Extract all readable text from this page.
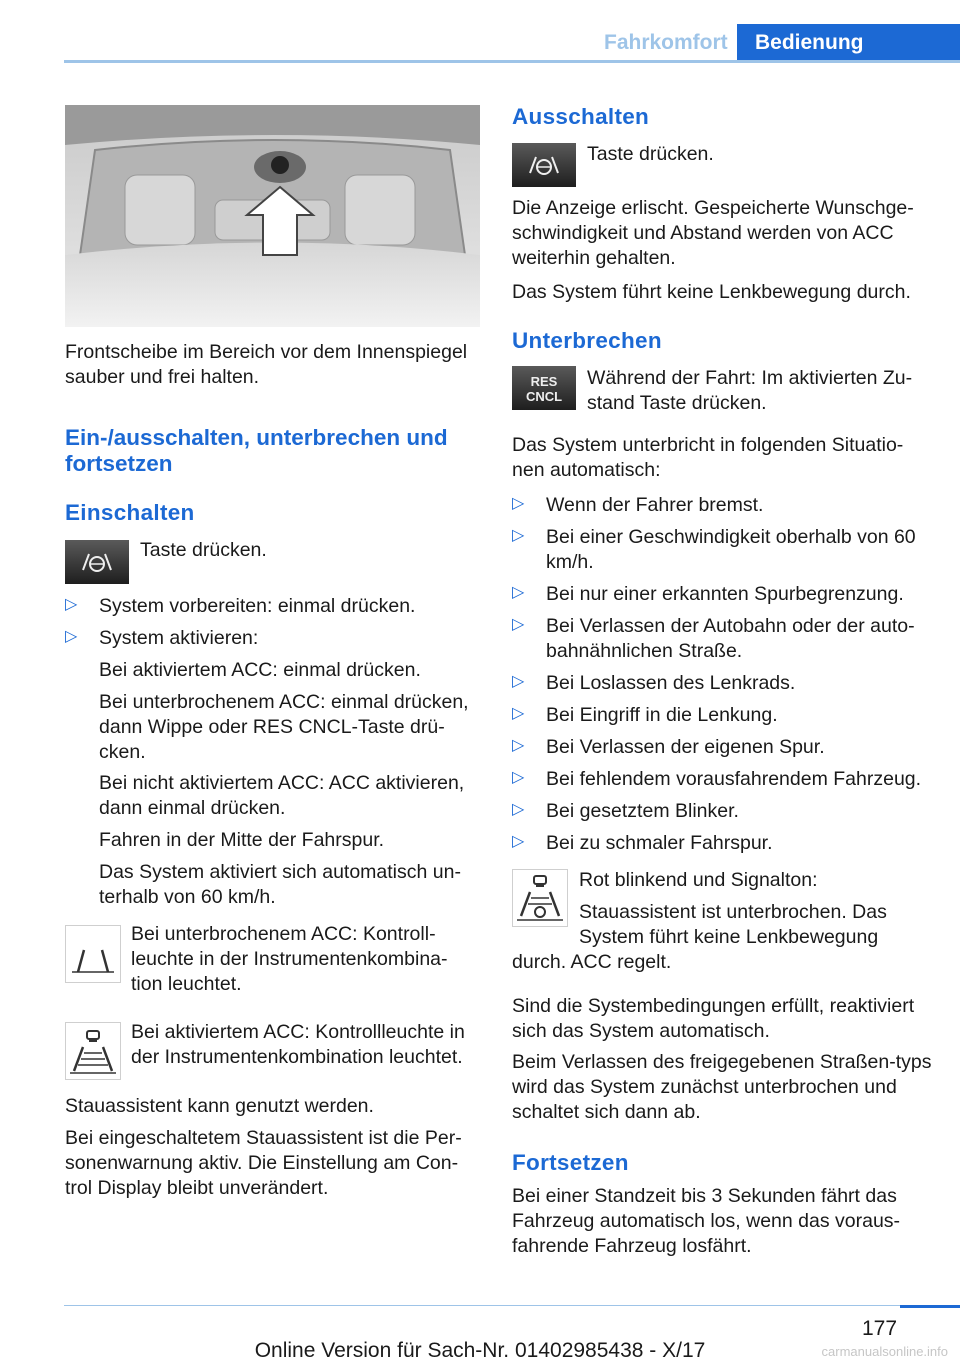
Fahrkomfort	Bedienung

Frontscheibe im Bereich vor dem Innenspiegel sauber und frei halten.

Ein-/ausschalten, unterbrechen und fortsetzen
Einschalten
Taste drücken.
▷ System vorbereiten: einmal drücken.
▷ System aktivieren:
Bei aktiviertem ACC: einmal drücken.
Bei unterbrochenem ACC: einmal drücken, dann Wippe oder RES CNCL-Taste drü-cken.
Bei nicht aktiviertem ACC: ACC aktivieren, dann einmal drücken.
Fahren in der Mitte der Fahrspur.
Das System aktiviert sich automatisch un-terhalb von 60 km/h.
Bei unterbrochenem ACC: Kontroll-leuchte in der Instrumentenkombina-tion leuchtet.
Bei aktiviertem ACC: Kontrollleuchte in der Instrumentenkombination leuchtet.
Stauassistent kann genutzt werden.
Bei eingeschaltetem Stauassistent ist die Per-sonenwarnung aktiv. Die Einstellung am Con-trol Display bleibt unverändert.
Ausschalten
Taste drücken.
Die Anzeige erlischt. Gespeicherte Wunschge-schwindigkeit und Abstand werden von ACC weiterhin gehalten.
Das System führt keine Lenkbewegung durch.
Unterbrechen
RES
CNCL
Während der Fahrt: Im aktivierten Zu-stand Taste drücken.
Das System unterbricht in folgenden Situatio-nen automatisch:
▷ Wenn der Fahrer bremst.
▷ Bei einer Geschwindigkeit oberhalb von 60 km/h.
▷ Bei nur einer erkannten Spurbegrenzung.
▷ Bei Verlassen der Autobahn oder der auto-bahnähnlichen Straße.
▷ Bei Loslassen des Lenkrads.
▷ Bei Eingriff in die Lenkung.
▷ Bei Verlassen der eigenen Spur.
▷ Bei fehlendem vorausfahrendem Fahrzeug.
▷ Bei gesetztem Blinker.
▷ Bei zu schmaler Fahrspur.
Rot blinkend und Signalton:
Stauassistent ist unterbrochen. Das System führt keine Lenkbewegung
durch. ACC regelt.
Sind die Systembedingungen erfüllt, reaktiviert sich das System automatisch.
Beim Verlassen des freigegebenen Straßen-typs wird das System zunächst unterbrochen und schaltet sich dann ab.
Fortsetzen
Bei einer Standzeit bis 3 Sekunden fährt das Fahrzeug automatisch los, wenn das voraus-fahrende Fahrzeug losfährt.
177
Online Version für Sach-Nr. 01402985438 - X/17	carmanualsonline.info
